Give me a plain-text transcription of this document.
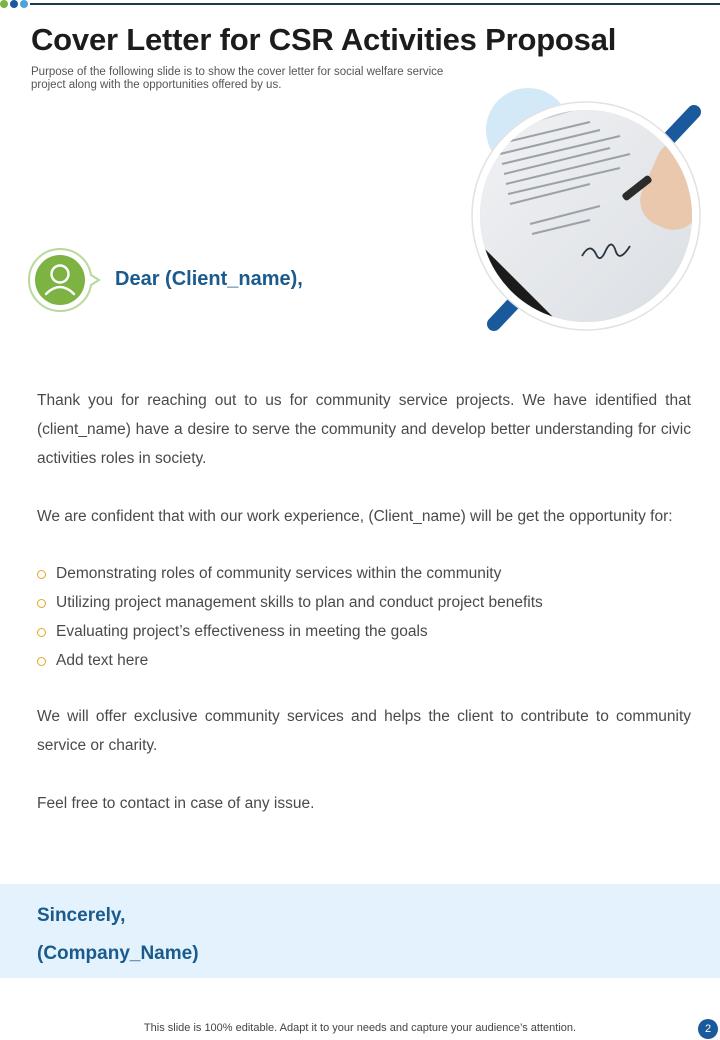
Cover Letter for CSR Activities Proposal

Purpose of the following slide is to show the cover letter for social welfare service project along with the opportunities offered by us.

Dear (Client_name),

Thank you for reaching out to us for community service projects. We have identified that (client_name) have a desire to serve the community and develop better understanding for civic activities roles in society.

We are confident that with our work experience, (Client_name) will be get the opportunity for:

Demonstrating roles of community services within the community
Utilizing project management skills to plan and conduct project benefits
Evaluating project’s effectiveness in meeting the goals
Add text here

We will offer exclusive community services and helps the client to contribute to community service or charity.

Feel free to contact in case of any issue.

Sincerely,

(Company_Name)

This slide is 100% editable. Adapt it to your needs and capture your audience’s attention.	2
